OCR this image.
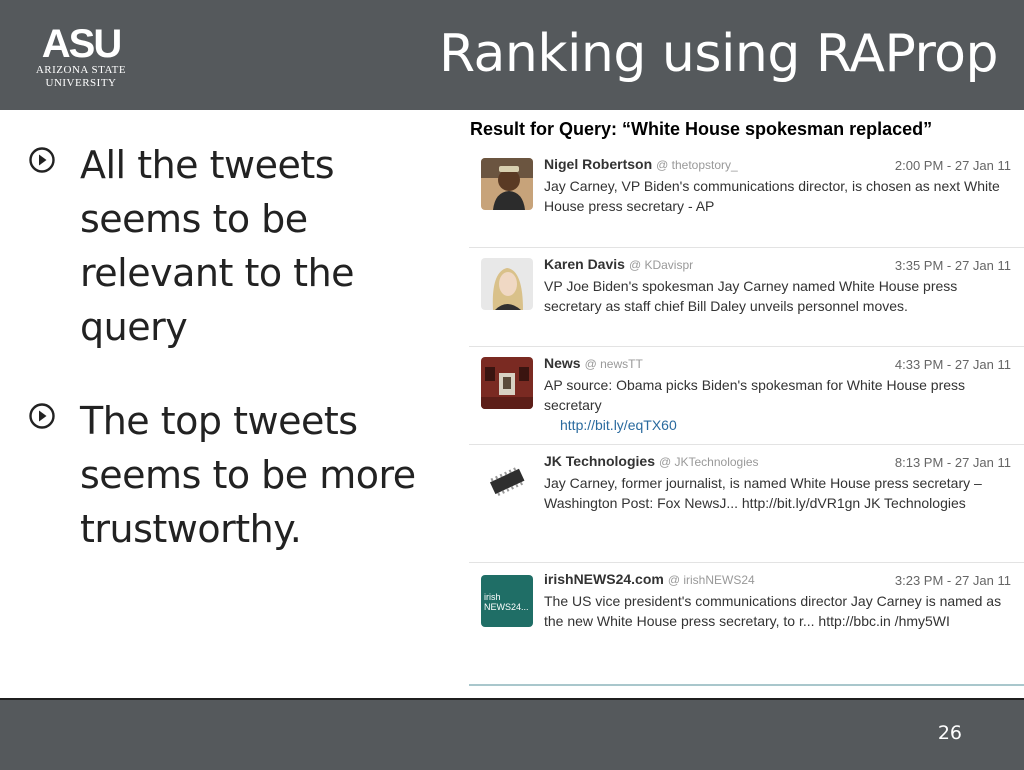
ASU
ARIZONA STATE
UNIVERSITY	Ranking using RAProp
All the tweets seems to be relevant to the query
The top tweets seems to be more trustworthy.
Result for Query: “White House spokesman replaced”
Nigel Robertson @ thetopstory_	2:00 PM - 27 Jan 11
Jay Carney, VP Biden's communications director, is chosen as next White House press secretary - AP
Karen Davis @ KDavispr	3:35 PM - 27 Jan 11
VP Joe Biden's spokesman Jay Carney named White House press secretary as staff chief Bill Daley unveils personnel moves.
News @ newsTT	4:33 PM - 27 Jan 11
AP source: Obama picks Biden's spokesman for White House press secretary
http://bit.ly/eqTX60
JK Technologies @ JKTechnologies	8:13 PM - 27 Jan 11
Jay Carney, former journalist, is named White House press secretary – Washington Post: Fox NewsJ... http://bit.ly/dVR1gn JK Technologies
irish NEWS24...
irishNEWS24.com @ irishNEWS24	3:23 PM - 27 Jan 11
The US vice president's communications director Jay Carney is named as the new White House press secretary, to r... http://bbc.in /hmy5WI
26
